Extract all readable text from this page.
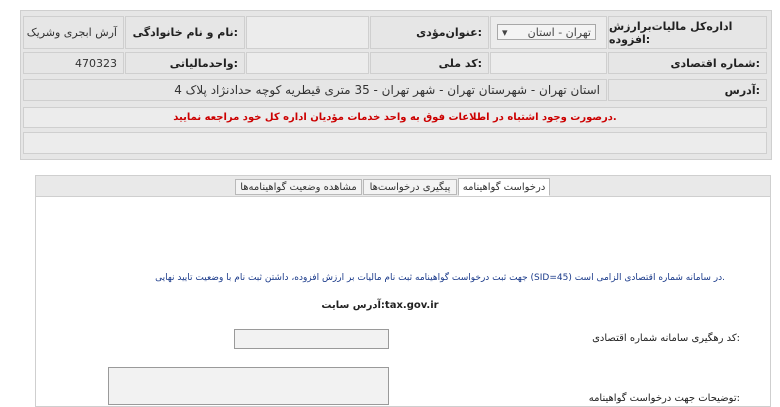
اداره‌کل مالیات‌برارزش افزوده:
▾ تهران - استان
عنوان‌مؤدی:
نام و نام خانوادگی:
آرش ابجری وشریک
شماره اقتصادی:
کد ملی:
واحدمالیاتی:
470323
آدرس:
استان تهران - شهرستان تهران - شهر تهران - 35 متری قیطریه کوچه حدادنژاد پلاک 4
درصورت وجود اشتباه در اطلاعات فوق به واحد خدمات مؤدیان اداره کل خود مراجعه نمایید.
درخواست گواهینامه
پیگیری درخواست‌ها
مشاهده وضعیت گواهینامه‌ها
جهت ثبت درخواست گواهینامه ثبت نام مالیات بر ارزش افزوده، داشتن ثبت نام با وضعیت تایید نهایی (SID=45) در سامانه شماره اقتصادی الزامی است.
آدرس سایت:tax.gov.ir
کد رهگیری سامانه شماره اقتصادی:
توضیحات جهت درخواست گواهینامه:
